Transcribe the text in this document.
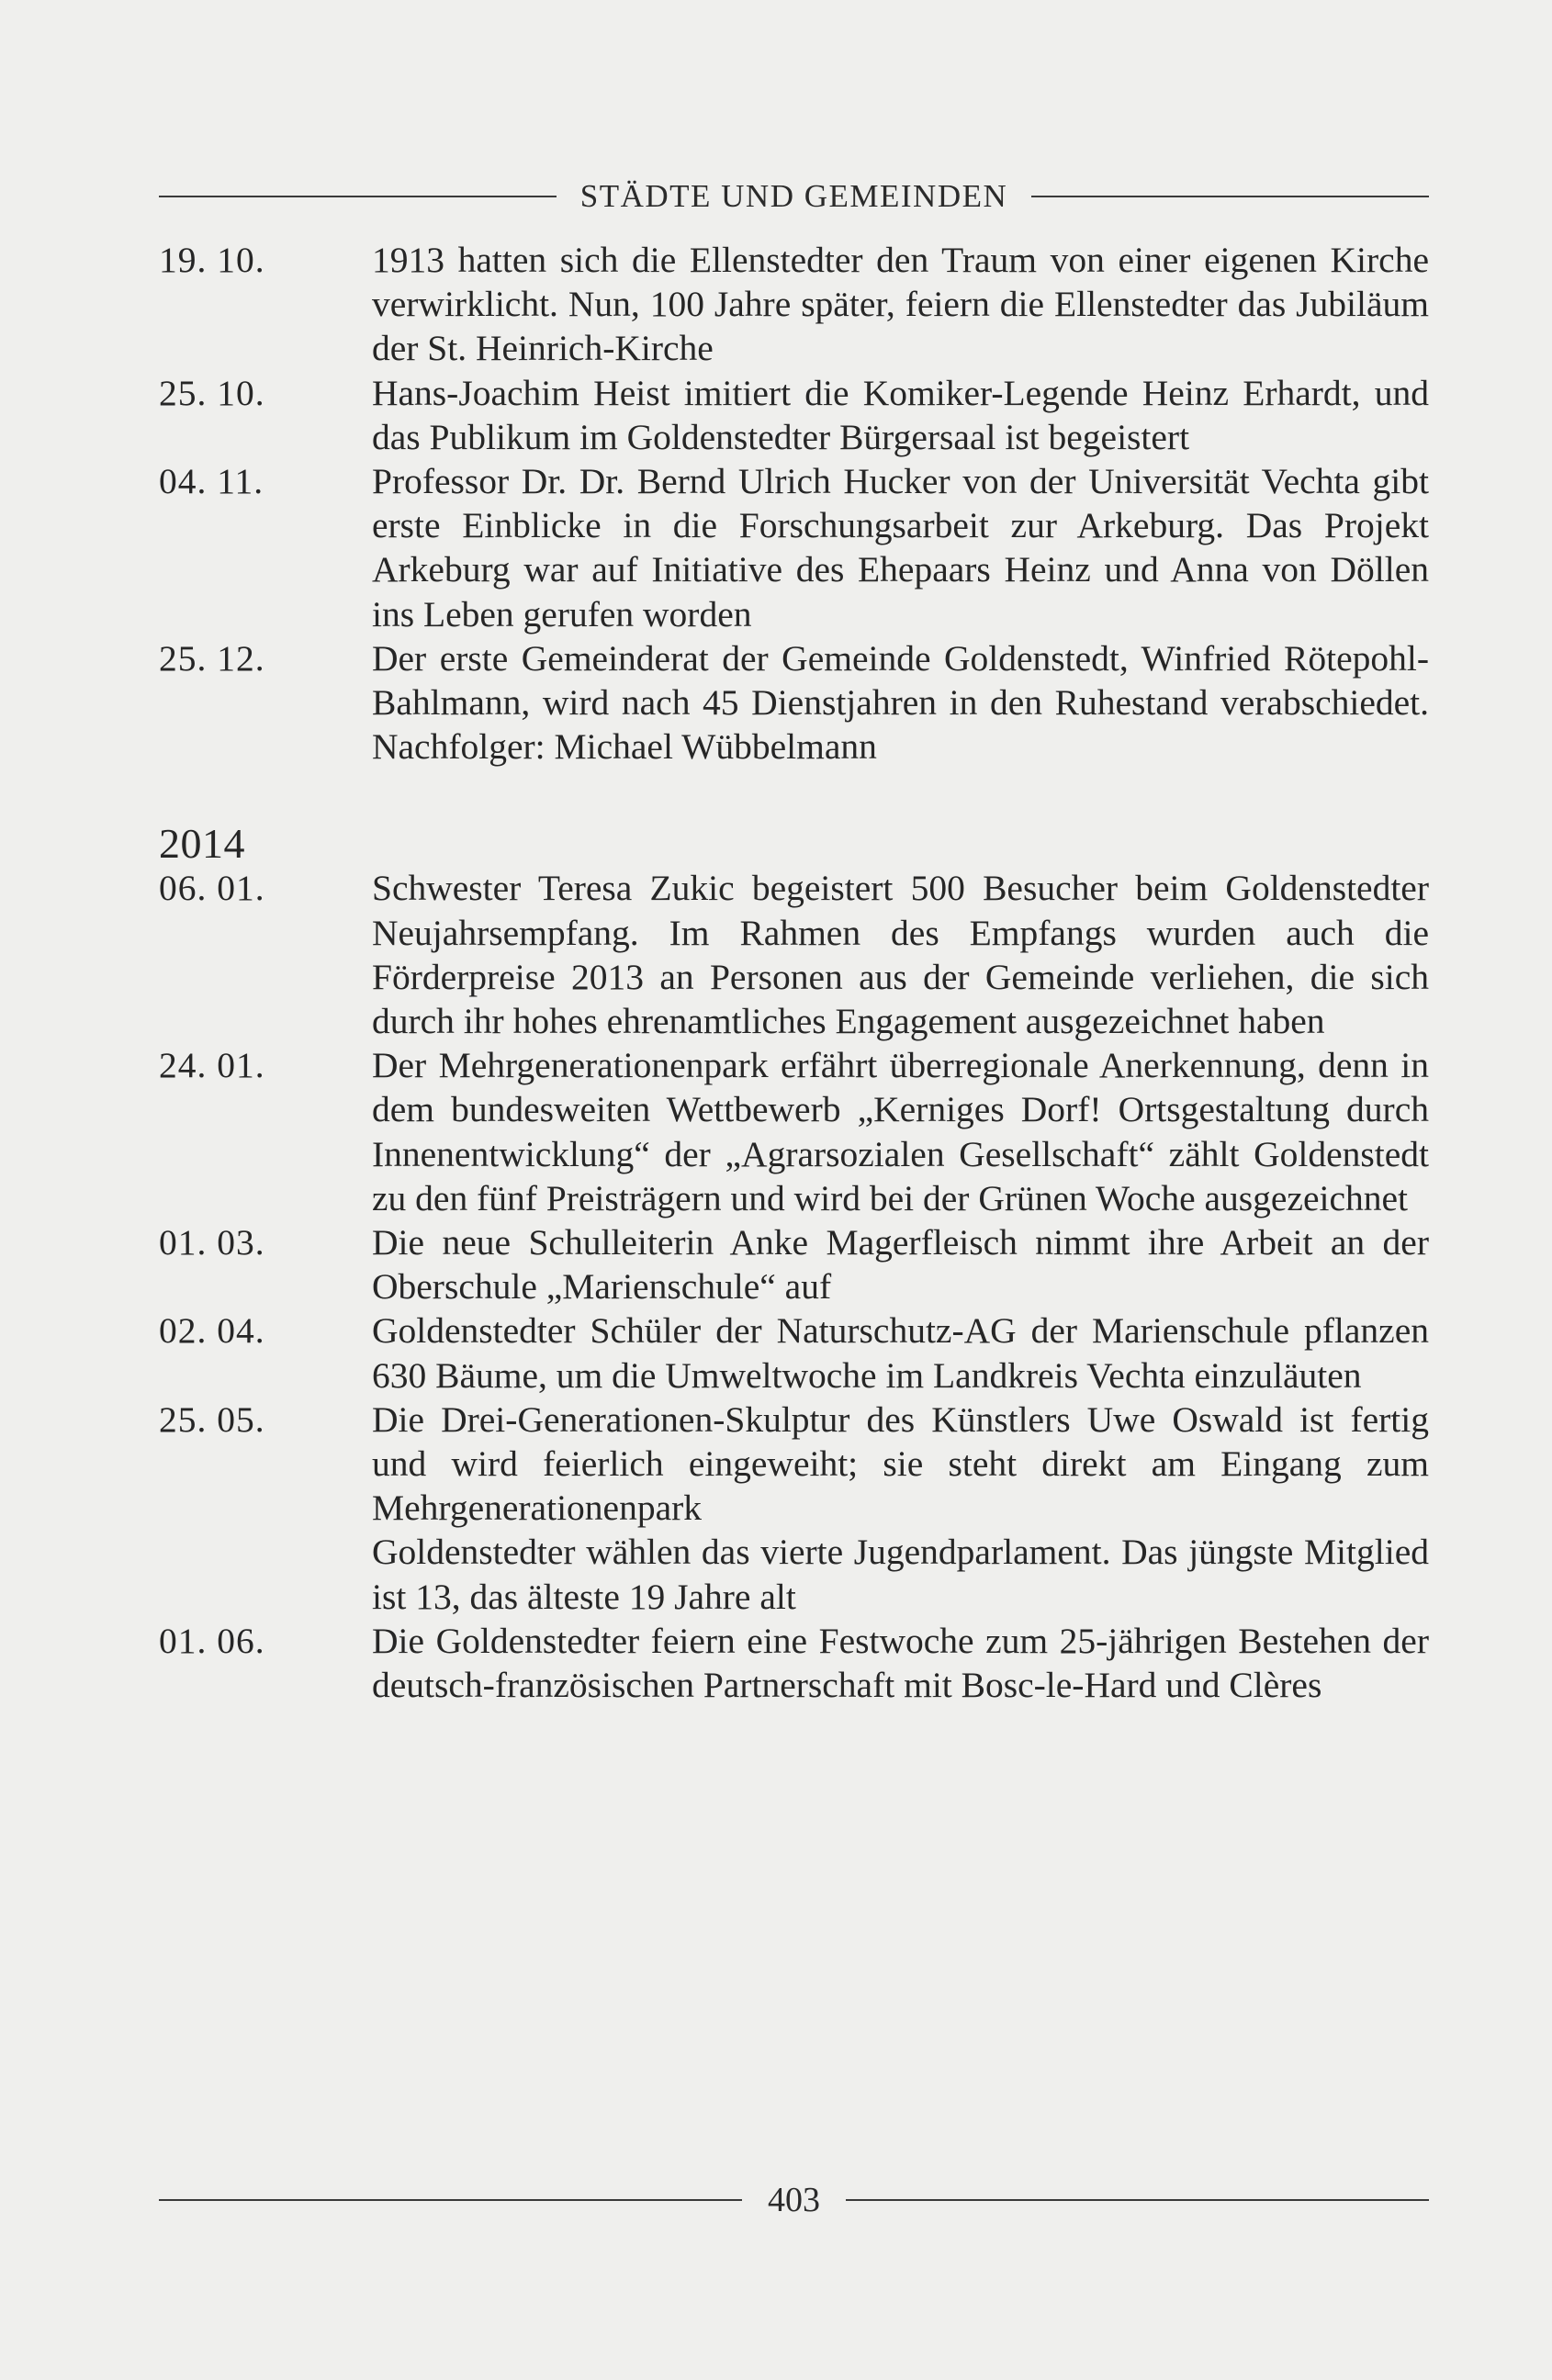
STÄDTE UND GEMEINDEN
19. 10.	1913 hatten sich die Ellenstedter den Traum von einer eigenen Kirche verwirklicht. Nun, 100 Jahre später, feiern die Ellenstedter das Jubiläum der St. Heinrich-Kirche
25. 10.	Hans-Joachim Heist imitiert die Komiker-Legende Heinz Erhardt, und das Publikum im Goldenstedter Bürgersaal ist begeistert
04. 11.	Professor Dr. Dr. Bernd Ulrich Hucker von der Universität Vechta gibt erste Einblicke in die Forschungsarbeit zur Arkeburg. Das Projekt Arkeburg war auf Initiative des Ehepaars Heinz und Anna von Döllen ins Leben gerufen worden
25. 12.	Der erste Gemeinderat der Gemeinde Goldenstedt, Winfried Rötepohl-Bahlmann, wird nach 45 Dienstjahren in den Ruhestand verabschiedet. Nachfolger: Michael Wübbelmann
2014
06. 01.	Schwester Teresa Zukic begeistert 500 Besucher beim Goldenstedter Neujahrsempfang. Im Rahmen des Empfangs wurden auch die Förderpreise 2013 an Personen aus der Gemeinde verliehen, die sich durch ihr hohes ehrenamtliches Engagement ausgezeichnet haben
24. 01.	Der Mehrgenerationenpark erfährt überregionale Anerkennung, denn in dem bundesweiten Wettbewerb „Kerniges Dorf! Ortsgestaltung durch Innenentwicklung“ der „Agrarsozialen Gesellschaft“ zählt Goldenstedt zu den fünf Preisträgern und wird bei der Grünen Woche ausgezeichnet
01. 03.	Die neue Schulleiterin Anke Magerfleisch nimmt ihre Arbeit an der Oberschule „Marienschule“ auf
02. 04.	Goldenstedter Schüler der Naturschutz-AG der Marienschule pflanzen 630 Bäume, um die Umweltwoche im Landkreis Vechta einzuläuten
25. 05.	Die Drei-Generationen-Skulptur des Künstlers Uwe Oswald ist fertig und wird feierlich eingeweiht; sie steht direkt am Eingang zum Mehrgenerationenpark
Goldenstedter wählen das vierte Jugendparlament. Das jüngste Mitglied ist 13, das älteste 19 Jahre alt
01. 06.	Die Goldenstedter feiern eine Festwoche zum 25-jährigen Bestehen der deutsch-französischen Partnerschaft mit Bosc-le-Hard und Clères
403
